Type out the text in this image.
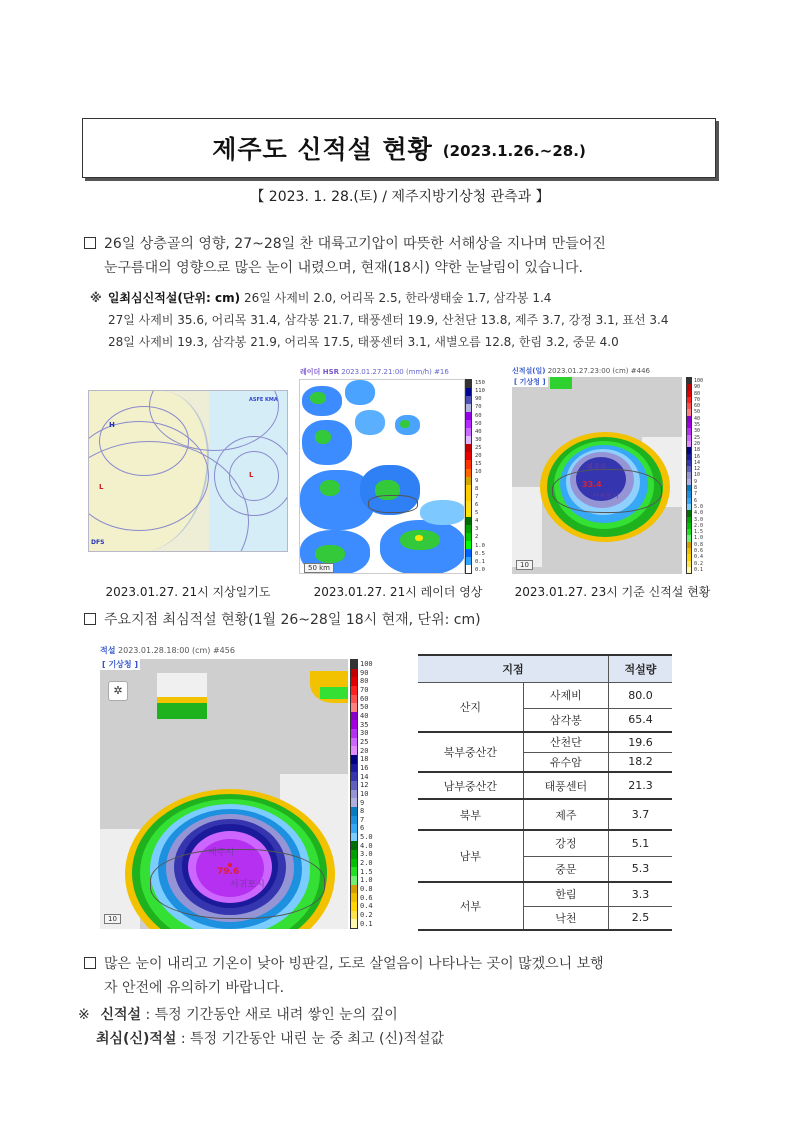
제주도 신적설 현황 (2023.1.26.~28.)
【 2023. 1. 28.(토) / 제주지방기상청 관측과 】
26일 상층골의 영향, 27~28일 찬 대륙고기압이 따뜻한 서해상을 지나며 만들어진
눈구름대의 영향으로 많은 눈이 내렸으며, 현재(18시) 약한 눈날림이 있습니다.
※ 일최심신적설(단위: cm) 26일 사제비 2.0, 어리목 2.5, 한라생태숲 1.7, 삼각봉 1.4
27일 사제비 35.6, 어리목 31.4, 삼각봉 21.7, 태풍센터 19.9, 산천단 13.8, 제주 3.7, 강정 3.1, 표선 3.4
28일 사제비 19.3, 삼각봉 21.9, 어리목 17.5, 태풍센터 3.1, 새별오름 12.8, 한림 3.2, 중문 4.0
H
L
L
DFS
ASFE KMA
2023.01.27. 21시 지상일기도
레이더 HSR 2023.01.27.21:00 (mm/h) #16
50 km
150
110
90
70
60
50
40
30
25
20
15
10
9
8
7
6
5
4
3
2
1.0
0.5
0.1
0.0
2023.01.27. 21시 레이더 영상
신적설(일) 2023.01.27.23:00 (cm) #446
[ 기상청 ]
제주시
33.4
서귀포시
10
100
90
80
70
60
50
40
35
30
25
20
18
16
14
12
10
9
8
7
6
5.0
4.0
3.0
2.0
1.5
1.0
0.8
0.6
0.4
0.2
0.1
2023.01.27. 23시 기준 신적설 현황
주요지점 최심적설 현황(1월 26~28일 18시 현재, 단위: cm)
적설 2023.01.28.18:00 (cm) #456
[ 기상청 ]
✲
제주시
79.6
서귀포시
10
100
90
80
70
60
50
40
35
30
25
20
18
16
14
12
10
9
8
7
6
5.0
4.0
3.0
2.0
1.5
1.0
0.8
0.6
0.4
0.2
0.1
지점		적설량
산지	사제비	80.0
	삼각봉	65.4
북부중산간	산천단	19.6
	유수암	18.2
남부중산간	태풍센터	21.3
북부	제주	3.7
남부	강정	5.1
	중문	5.3
서부	한림	3.3
	낙천	2.5
많은 눈이 내리고 기온이 낮아 빙판길, 도로 살얼음이 나타나는 곳이 많겠으니 보행
자 안전에 유의하기 바랍니다.
※ 신적설 : 특정 기간동안 새로 내려 쌓인 눈의 깊이
최심(신)적설 : 특정 기간동안 내린 눈 중 최고 (신)적설값
